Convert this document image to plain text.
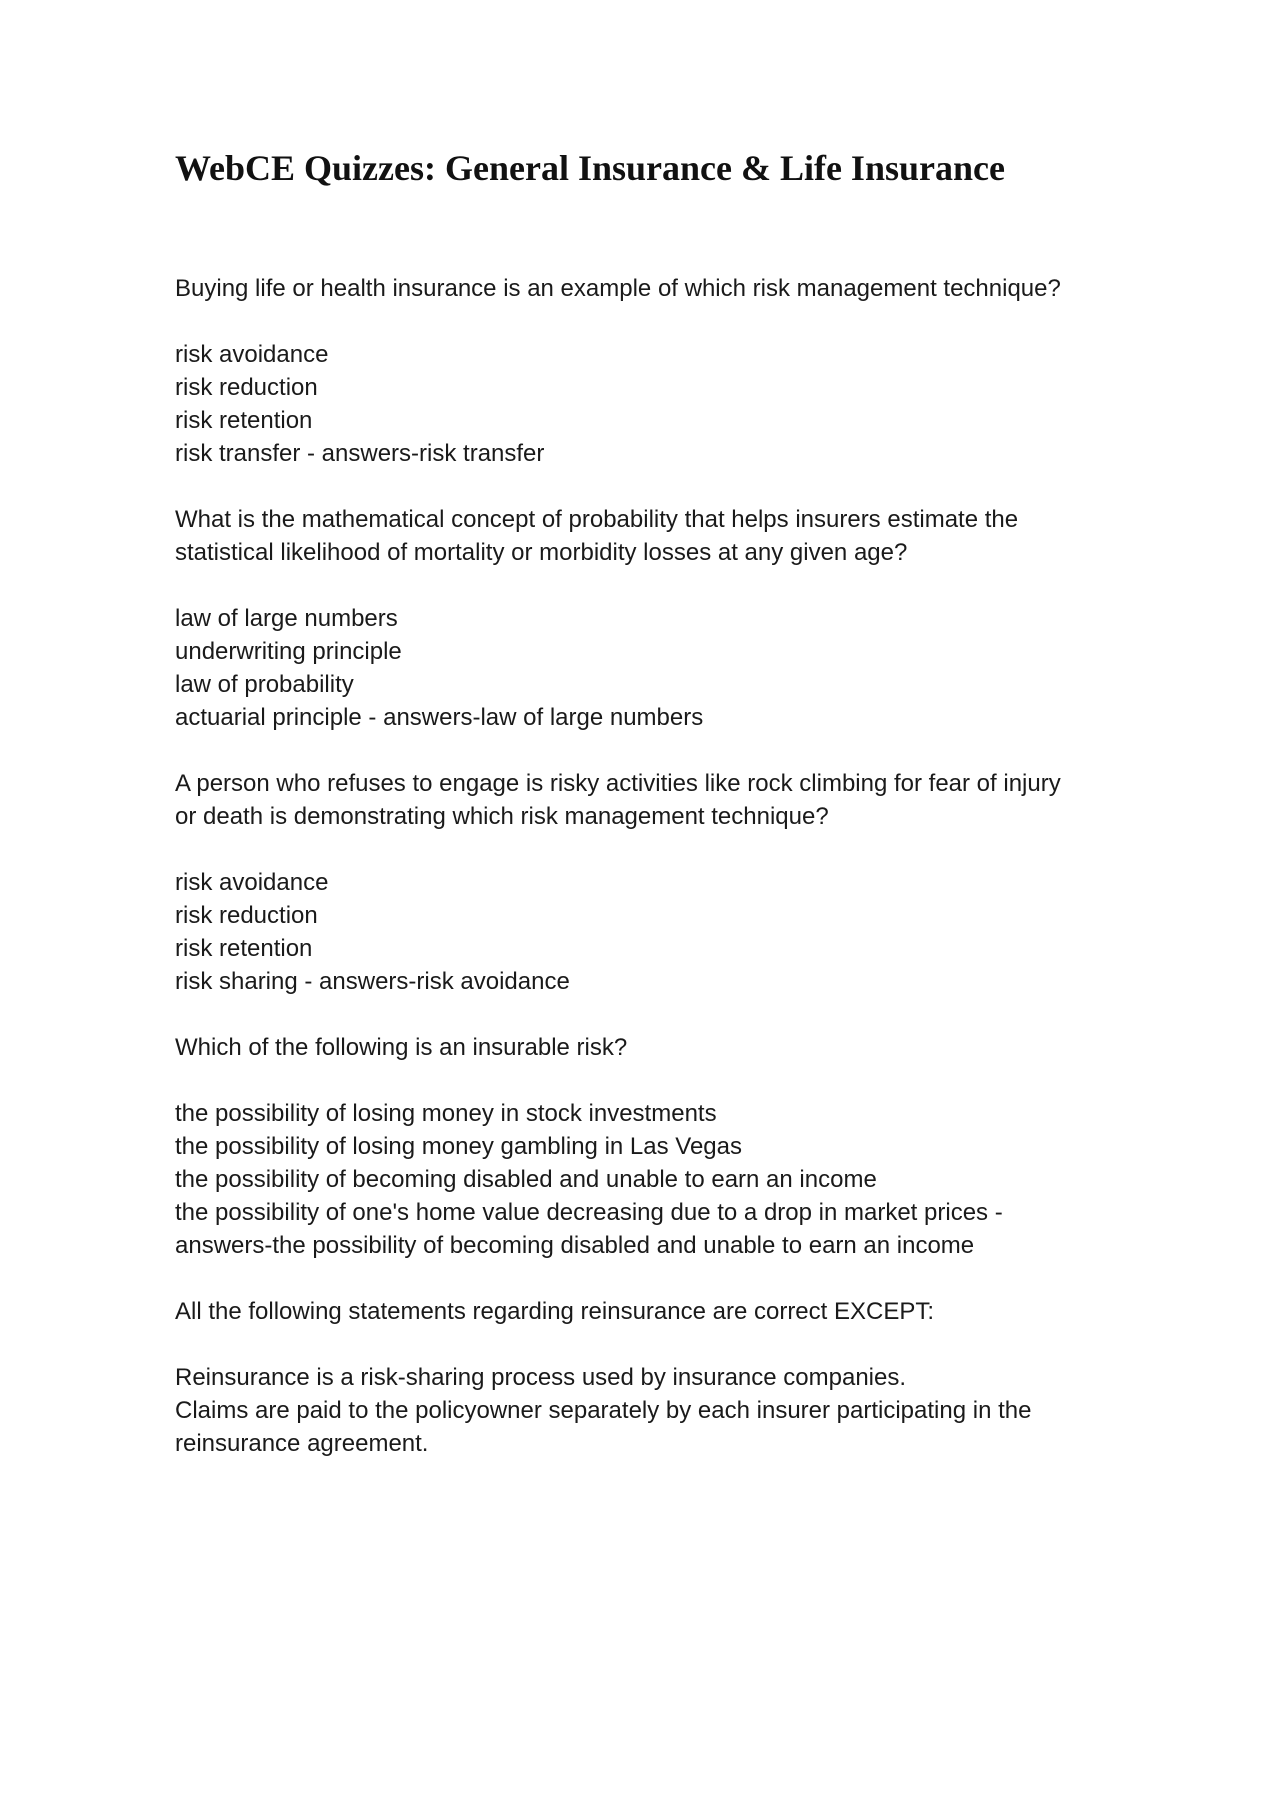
WebCE Quizzes: General Insurance & Life Insurance
Buying life or health insurance is an example of which risk management technique?
risk avoidance
risk reduction
risk retention
risk transfer - answers-risk transfer
What is the mathematical concept of probability that helps insurers estimate the
statistical likelihood of mortality or morbidity losses at any given age?
law of large numbers
underwriting principle
law of probability
actuarial principle - answers-law of large numbers
A person who refuses to engage is risky activities like rock climbing for fear of injury
or death is demonstrating which risk management technique?
risk avoidance
risk reduction
risk retention
risk sharing - answers-risk avoidance
Which of the following is an insurable risk?
the possibility of losing money in stock investments
the possibility of losing money gambling in Las Vegas
the possibility of becoming disabled and unable to earn an income
the possibility of one's home value decreasing due to a drop in market prices -
answers-the possibility of becoming disabled and unable to earn an income
All the following statements regarding reinsurance are correct EXCEPT:
Reinsurance is a risk-sharing process used by insurance companies.
Claims are paid to the policyowner separately by each insurer participating in the
reinsurance agreement.
